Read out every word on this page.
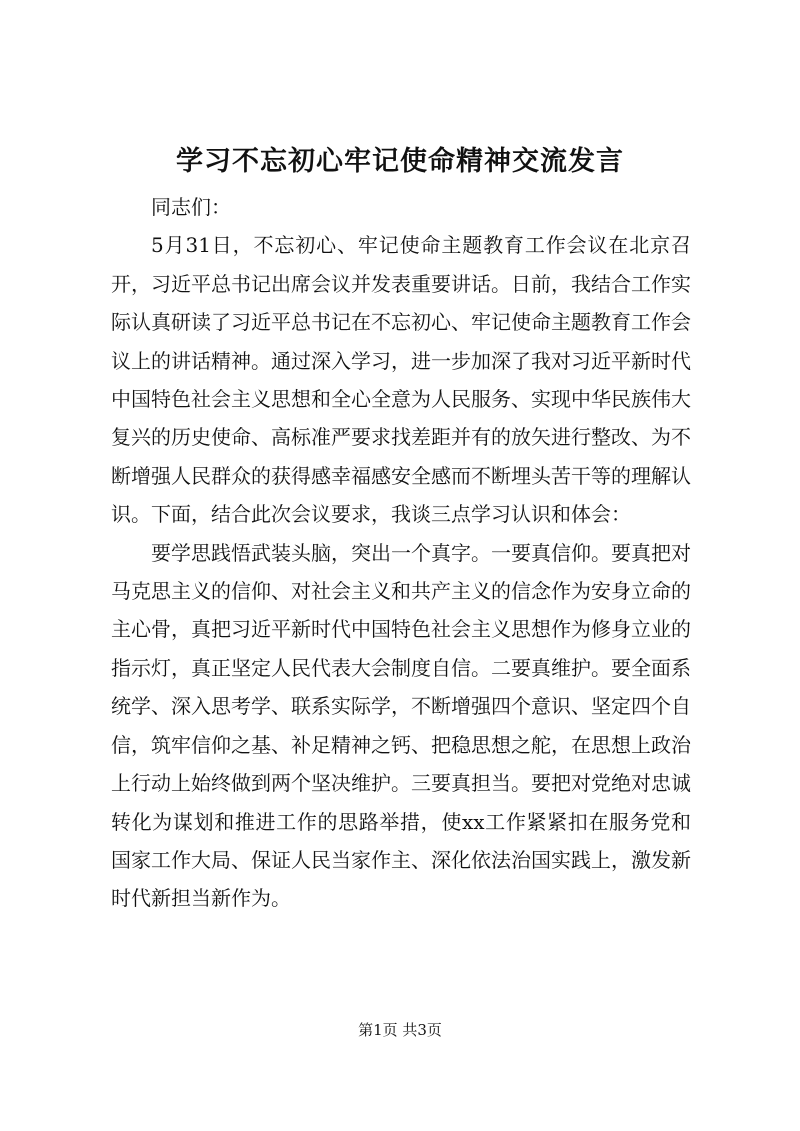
学习不忘初心牢记使命精神交流发言

同志们：

5月31日，不忘初心、牢记使命主题教育工作会议在北京召开，习近平总书记出席会议并发表重要讲话。日前，我结合工作实际认真研读了习近平总书记在不忘初心、牢记使命主题教育工作会议上的讲话精神。通过深入学习，进一步加深了我对习近平新时代中国特色社会主义思想和全心全意为人民服务、实现中华民族伟大复兴的历史使命、高标准严要求找差距并有的放矢进行整改、为不断增强人民群众的获得感幸福感安全感而不断埋头苦干等的理解认识。下面，结合此次会议要求，我谈三点学习认识和体会：

要学思践悟武装头脑，突出一个真字。一要真信仰。要真把对马克思主义的信仰、对社会主义和共产主义的信念作为安身立命的主心骨，真把习近平新时代中国特色社会主义思想作为修身立业的指示灯，真正坚定人民代表大会制度自信。二要真维护。要全面系统学、深入思考学、联系实际学，不断增强四个意识、坚定四个自信，筑牢信仰之基、补足精神之钙、把稳思想之舵，在思想上政治上行动上始终做到两个坚决维护。三要真担当。要把对党绝对忠诚转化为谋划和推进工作的思路举措，使xx工作紧紧扣在服务党和国家工作大局、保证人民当家作主、深化依法治国实践上，激发新时代新担当新作为。

第1页 共3页
